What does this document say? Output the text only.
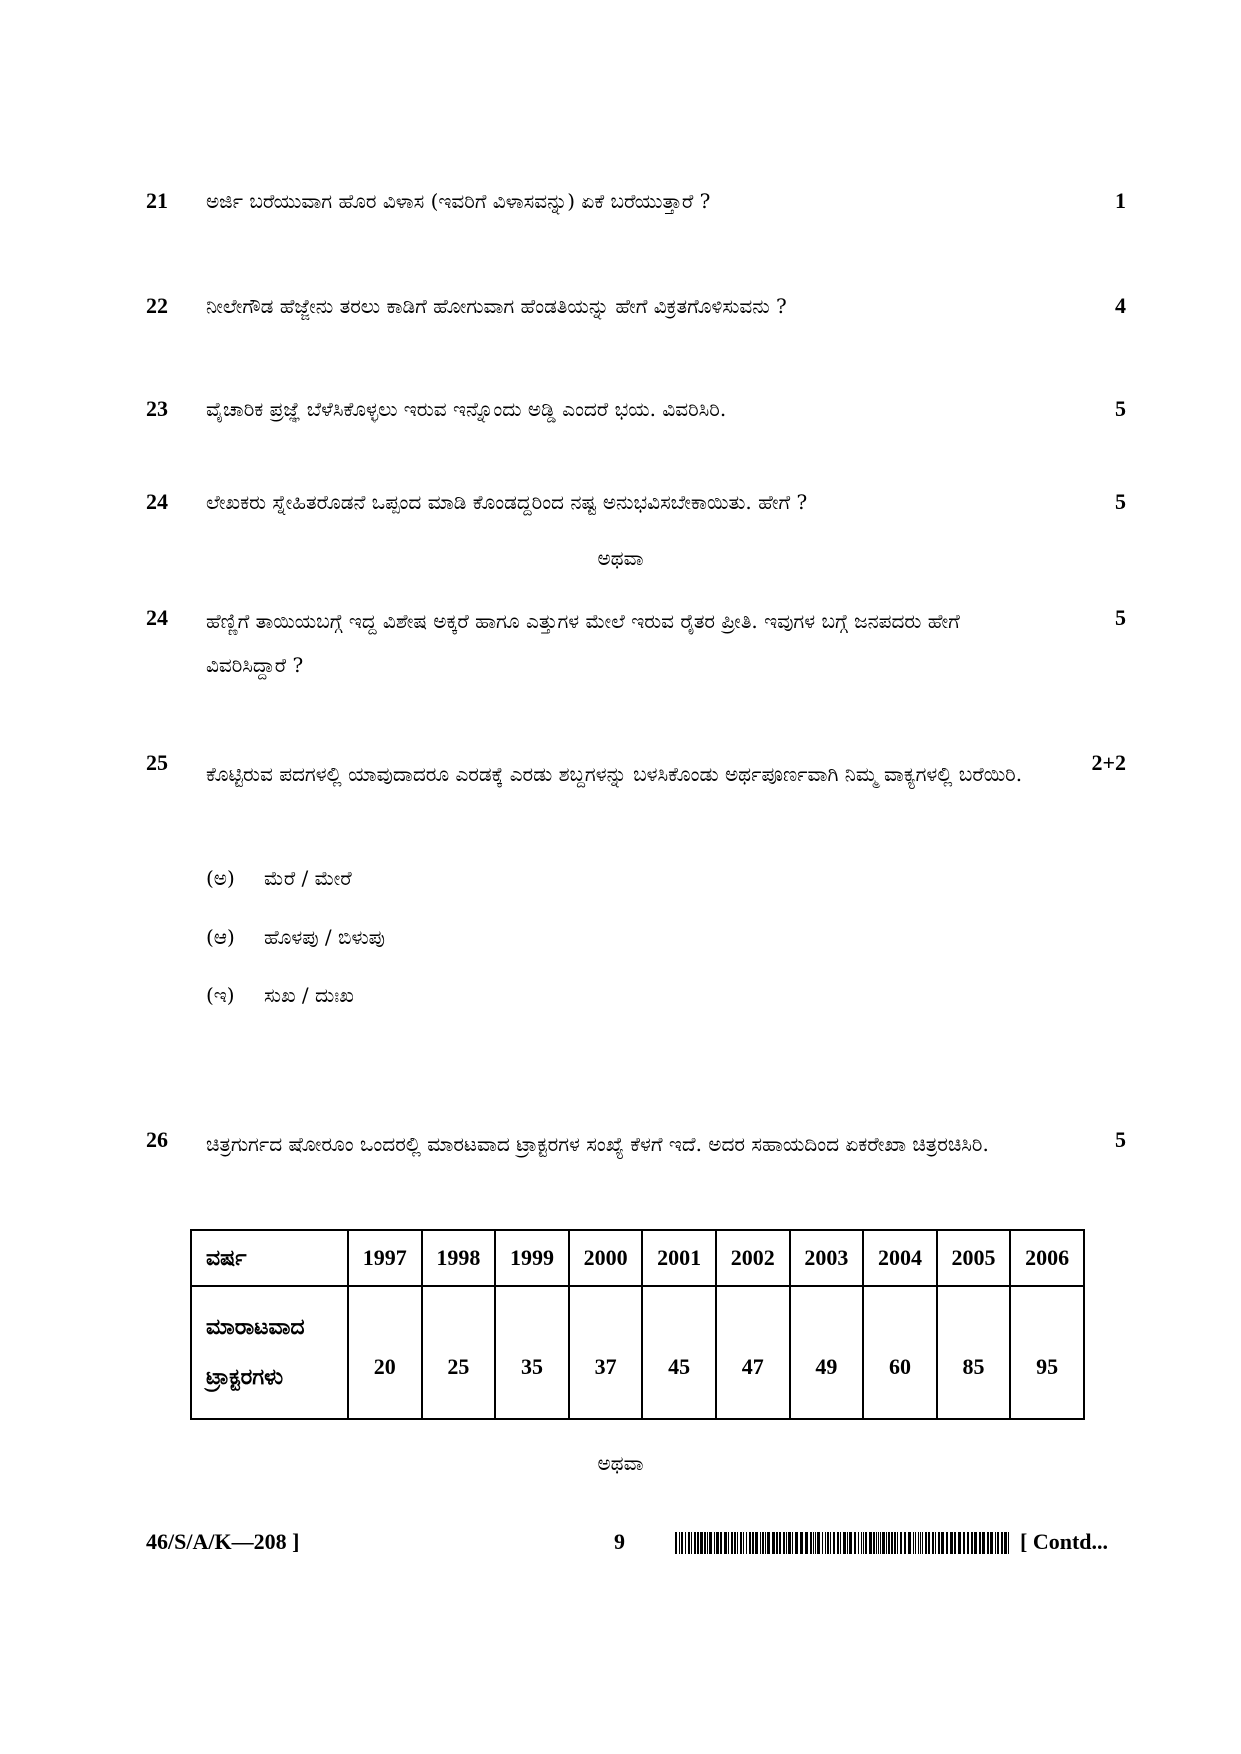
21 ಅರ್ಜಿ ಬರೆಯುವಾಗ ಹೊರ ವಿಳಾಸ (ಇವರಿಗೆ ವಿಳಾಸವನ್ನು) ಏಕೆ ಬರೆಯುತ್ತಾರೆ ?	1
22 ನೀಲೇಗೌಡ ಹೆಜ್ಜೇನು ತರಲು ಕಾಡಿಗೆ ಹೋಗುವಾಗ ಹೆಂಡತಿಯನ್ನು ಹೇಗೆ ವಿಕ್ರತಗೊಳಿಸುವನು ?	4
23 ವೈಚಾರಿಕ ಪ್ರಜ್ಞೆ ಬೆಳೆಸಿಕೊಳ್ಳಲು ಇರುವ ಇನ್ನೊಂದು ಅಡ್ಡಿ ಎಂದರೆ ಭಯ. ವಿವರಿಸಿರಿ.	5
24 ಲೇಖಕರು ಸ್ನೇಹಿತರೊಡನೆ ಒಪ್ಪಂದ ಮಾಡಿ ಕೊಂಡದ್ದರಿಂದ ನಷ್ಟ ಅನುಭವಿಸಬೇಕಾಯಿತು. ಹೇಗೆ ?	5
ಅಥವಾ
24 ಹೆಣ್ಣಿಗೆ ತಾಯಿಯಬಗ್ಗೆ ಇದ್ದ ವಿಶೇಷ ಅಕ್ಕರೆ ಹಾಗೂ ಎತ್ತುಗಳ ಮೇಲೆ ಇರುವ ರೈತರ ಪ್ರೀತಿ. ಇವುಗಳ ಬಗ್ಗೆ ಜನಪದರು ಹೇಗೆ ವಿವರಿಸಿದ್ದಾರೆ ?
5
25 ಕೊಟ್ಟಿರುವ ಪದಗಳಲ್ಲಿ ಯಾವುದಾದರೂ ಎರಡಕ್ಕೆ ಎರಡು ಶಬ್ದಗಳನ್ನು ಬಳಸಿಕೊಂಡು ಅರ್ಥಪೂರ್ಣವಾಗಿ ನಿಮ್ಮ ವಾಕ್ಯಗಳಲ್ಲಿ ಬರೆಯಿರಿ.	2+2
(ಅ) ಮೆರೆ / ಮೇರೆ
(ಆ) ಹೊಳಪು / ಬಿಳುಪು
(ಇ) ಸುಖ / ದುಃಖ
26 ಚಿತ್ರಗುರ್ಗದ ಷೋರೂಂ ಒಂದರಲ್ಲಿ ಮಾರಟವಾದ ಟ್ರಾಕ್ಟರಗಳ ಸಂಖ್ಯೆ ಕೆಳಗೆ ಇದೆ. ಅದರ ಸಹಾಯದಿಂದ ಏಕರೇಖಾ ಚಿತ್ರರಚಿಸಿರಿ.	5
ವರ್ಷ	1997	1998	1999	2000	2001	2002	2003	2004	2005	2006

ಮಾರಾಟವಾದ
ಟ್ರಾಕ್ಟರಗಳು	20	25	35	37	45	47	49	60	85	95
ಅಥವಾ
46/S/A/K—208 ]	9	[ Contd...
